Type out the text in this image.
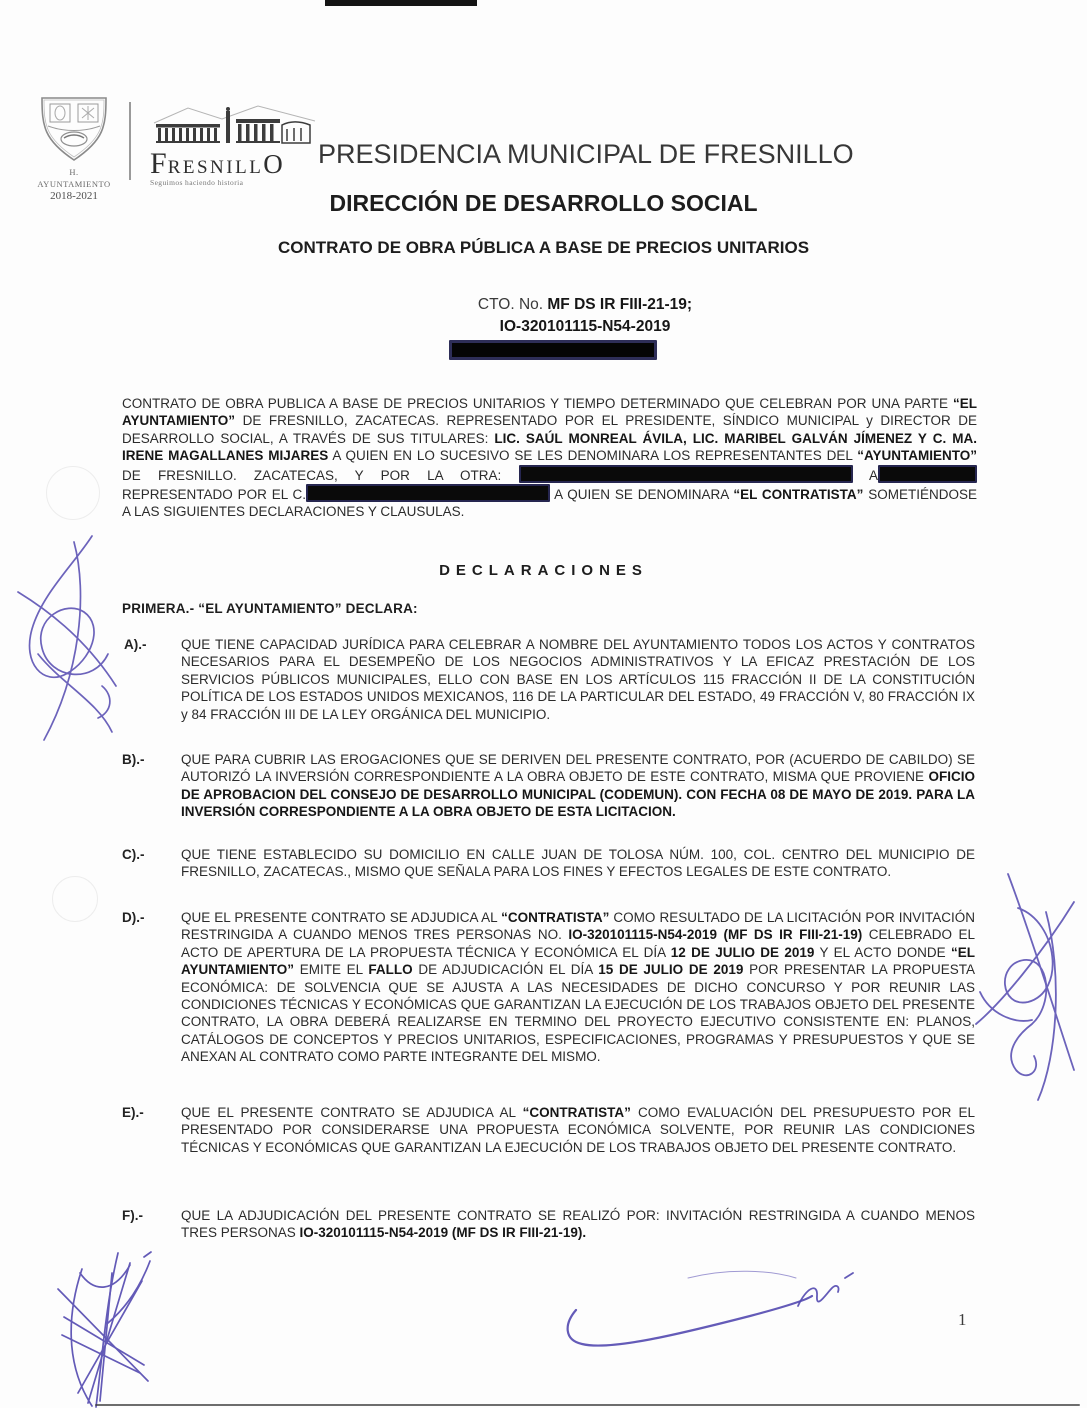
H. AYUNTAMIENTO
2018-2021
FRESNILLO
Seguimos haciendo historia
PRESIDENCIA MUNICIPAL DE FRESNILLO
DIRECCIÓN DE DESARROLLO SOCIAL
CONTRATO DE OBRA PÚBLICA A BASE DE PRECIOS UNITARIOS
CTO. No. MF DS IR FIII-21-19;
IO-320101115-N54-2019
CONTRATO DE OBRA PUBLICA A BASE DE PRECIOS UNITARIOS Y TIEMPO DETERMINADO QUE CELEBRAN POR UNA PARTE “EL AYUNTAMIENTO” DE FRESNILLO, ZACATECAS. REPRESENTADO POR EL PRESIDENTE, SÍNDICO MUNICIPAL y DIRECTOR DE DESARROLLO SOCIAL, A TRAVÉS DE SUS TITULARES: LIC. SAÚL MONREAL ÁVILA, LIC. MARIBEL GALVÁN JÍMENEZ Y C. MA. IRENE MAGALLANES MIJARES A QUIEN EN LO SUCESIVO SE LES DENOMINARA LOS REPRESENTANTES DEL “AYUNTAMIENTO” DE FRESNILLO. ZACATECAS, Y POR LA OTRA:	A REPRESENTADO POR EL C.	A QUIEN SE DENOMINARA “EL CONTRATISTA” SOMETIÉNDOSE A LAS SIGUIENTES DECLARACIONES Y CLAUSULAS.
DECLARACIONES
PRIMERA.- “EL AYUNTAMIENTO” DECLARA:
A).-	QUE TIENE CAPACIDAD JURÍDICA PARA CELEBRAR A NOMBRE DEL AYUNTAMIENTO TODOS LOS ACTOS Y CONTRATOS NECESARIOS PARA EL DESEMPEÑO DE LOS NEGOCIOS ADMINISTRATIVOS Y LA EFICAZ PRESTACIÓN DE LOS SERVICIOS PÚBLICOS MUNICIPALES, ELLO CON BASE EN LOS ARTÍCULOS 115 FRACCIÓN II DE LA CONSTITUCIÓN POLÍTICA DE LOS ESTADOS UNIDOS MEXICANOS, 116 DE LA PARTICULAR DEL ESTADO, 49 FRACCIÓN V, 80 FRACCIÓN IX y 84 FRACCIÓN III DE LA LEY ORGÁNICA DEL MUNICIPIO.
B).-	QUE PARA CUBRIR LAS EROGACIONES QUE SE DERIVEN DEL PRESENTE CONTRATO, POR (ACUERDO DE CABILDO) SE AUTORIZÓ LA INVERSIÓN CORRESPONDIENTE A LA OBRA OBJETO DE ESTE CONTRATO, MISMA QUE PROVIENE OFICIO DE APROBACION DEL CONSEJO DE DESARROLLO MUNICIPAL (CODEMUN). CON FECHA 08 DE MAYO DE 2019. PARA LA INVERSIÓN CORRESPONDIENTE A LA OBRA OBJETO DE ESTA LICITACION.
C).-	QUE TIENE ESTABLECIDO SU DOMICILIO EN CALLE JUAN DE TOLOSA NÚM. 100, COL. CENTRO DEL MUNICIPIO DE FRESNILLO, ZACATECAS., MISMO QUE SEÑALA PARA LOS FINES Y EFECTOS LEGALES DE ESTE CONTRATO.
D).-	QUE EL PRESENTE CONTRATO SE ADJUDICA AL “CONTRATISTA” COMO RESULTADO DE LA LICITACIÓN POR INVITACIÓN RESTRINGIDA A CUANDO MENOS TRES PERSONAS NO. IO-320101115-N54-2019 (MF DS IR FIII-21-19) CELEBRADO EL ACTO DE APERTURA DE LA PROPUESTA TÉCNICA Y ECONÓMICA EL DÍA 12 DE JULIO DE 2019 Y EL ACTO DONDE “EL AYUNTAMIENTO” EMITE EL FALLO DE ADJUDICACIÓN EL DÍA 15 DE JULIO DE 2019 POR PRESENTAR LA PROPUESTA ECONÓMICA: DE SOLVENCIA QUE SE AJUSTA A LAS NECESIDADES DE DICHO CONCURSO Y POR REUNIR LAS CONDICIONES TÉCNICAS Y ECONÓMICAS QUE GARANTIZAN LA EJECUCIÓN DE LOS TRABAJOS OBJETO DEL PRESENTE CONTRATO, LA OBRA DEBERÁ REALIZARSE EN TERMINO DEL PROYECTO EJECUTIVO CONSISTENTE EN: PLANOS, CATÁLOGOS DE CONCEPTOS Y PRECIOS UNITARIOS, ESPECIFICACIONES, PROGRAMAS Y PRESUPUESTOS Y QUE SE ANEXAN AL CONTRATO COMO PARTE INTEGRANTE DEL MISMO.
E).-	QUE EL PRESENTE CONTRATO SE ADJUDICA AL “CONTRATISTA” COMO EVALUACIÓN DEL PRESUPUESTO POR EL PRESENTADO POR CONSIDERARSE UNA PROPUESTA ECONÓMICA SOLVENTE, POR REUNIR LAS CONDICIONES TÉCNICAS Y ECONÓMICAS QUE GARANTIZAN LA EJECUCIÓN DE LOS TRABAJOS OBJETO DEL PRESENTE CONTRATO.
F).-	QUE LA ADJUDICACIÓN DEL PRESENTE CONTRATO SE REALIZÓ POR: INVITACIÓN RESTRINGIDA A CUANDO MENOS TRES PERSONAS IO-320101115-N54-2019 (MF DS IR FIII-21-19).
1
